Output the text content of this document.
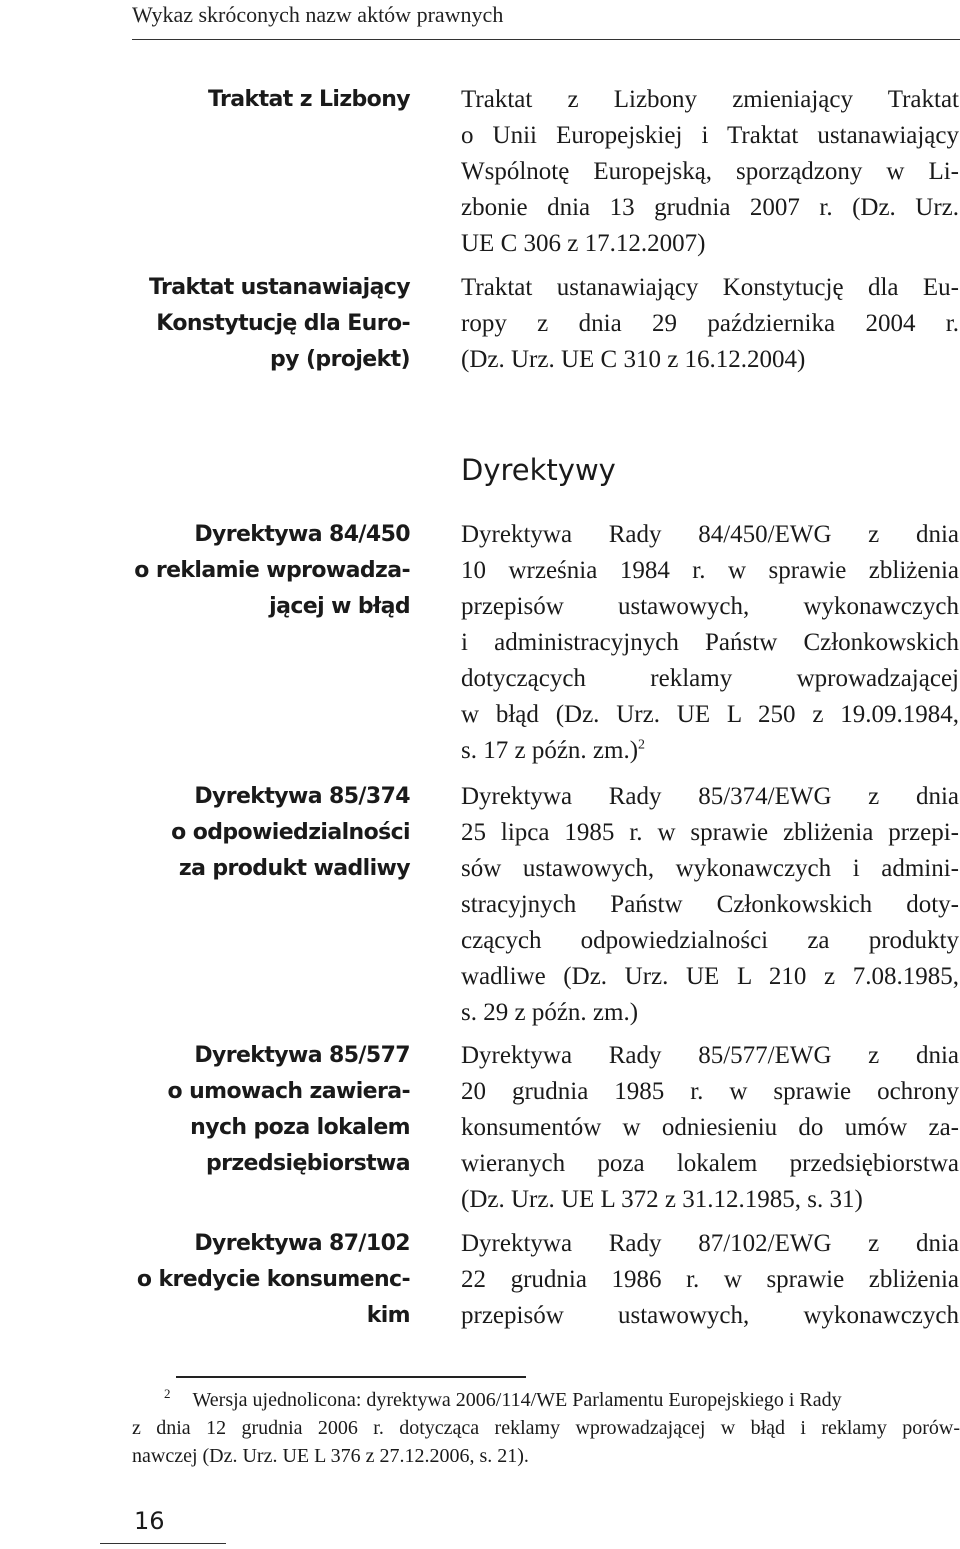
Wykaz skróconych nazw aktów prawnych
Traktat z Lizbony Traktat z Lizbony zmieniający Traktat
o Unii Europejskiej i Traktat ustanawiający
Wspólnotę Europejską, sporządzony w Li-
zbonie dnia 13 grudnia 2007 r. (Dz. Urz.
UE C 306 z 17.12.2007)
Traktat ustanawiający
Konstytucję dla Euro-
py (projekt)
Traktat ustanawiający Konstytucję dla Eu-
ropy z dnia 29 października 2004 r.
(Dz. Urz. UE C 310 z 16.12.2004)
Dyrektywy
Dyrektywa 84/450
o reklamie wprowadza-
jącej w błąd
Dyrektywa Rady 84/450/EWG z dnia
10 września 1984 r. w sprawie zbliżenia
przepisów ustawowych, wykonawczych
i administracyjnych Państw Członkowskich
dotyczących reklamy wprowadzającej
w błąd (Dz. Urz. UE L 250 z 19.09.1984,
s. 17 z późn. zm.)$^2$
Dyrektywa 85/374
o odpowiedzialności
za produkt wadliwy
Dyrektywa Rady 85/374/EWG z dnia
25 lipca 1985 r. w sprawie zbliżenia przepi-
sów ustawowych, wykonawczych i admini-
stracyjnych Państw Członkowskich doty-
czących odpowiedzialności za produkty
wadliwe (Dz. Urz. UE L 210 z 7.08.1985,
s. 29 z późn. zm.)
Dyrektywa 85/577
o umowach zawiera-
nych poza lokalem
przedsiębiorstwa
Dyrektywa Rady 85/577/EWG z dnia
20 grudnia 1985 r. w sprawie ochrony
konsumentów w odniesieniu do umów za-
wieranych poza lokalem przedsiębiorstwa
(Dz. Urz. UE L 372 z 31.12.1985, s. 31)
Dyrektywa 87/102
o kredycie konsumenc-
kim
Dyrektywa Rady 87/102/EWG z dnia
22 grudnia 1986 r. w sprawie zbliżenia
przepisów ustawowych, wykonawczych
$^2$ Wersja ujednolicona: dyrektywa 2006/114/WE Parlamentu Europejskiego i Rady
z dnia 12 grudnia 2006 r. dotycząca reklamy wprowadzającej w błąd i reklamy porów-
nawczej (Dz. Urz. UE L 376 z 27.12.2006, s. 21).
16
